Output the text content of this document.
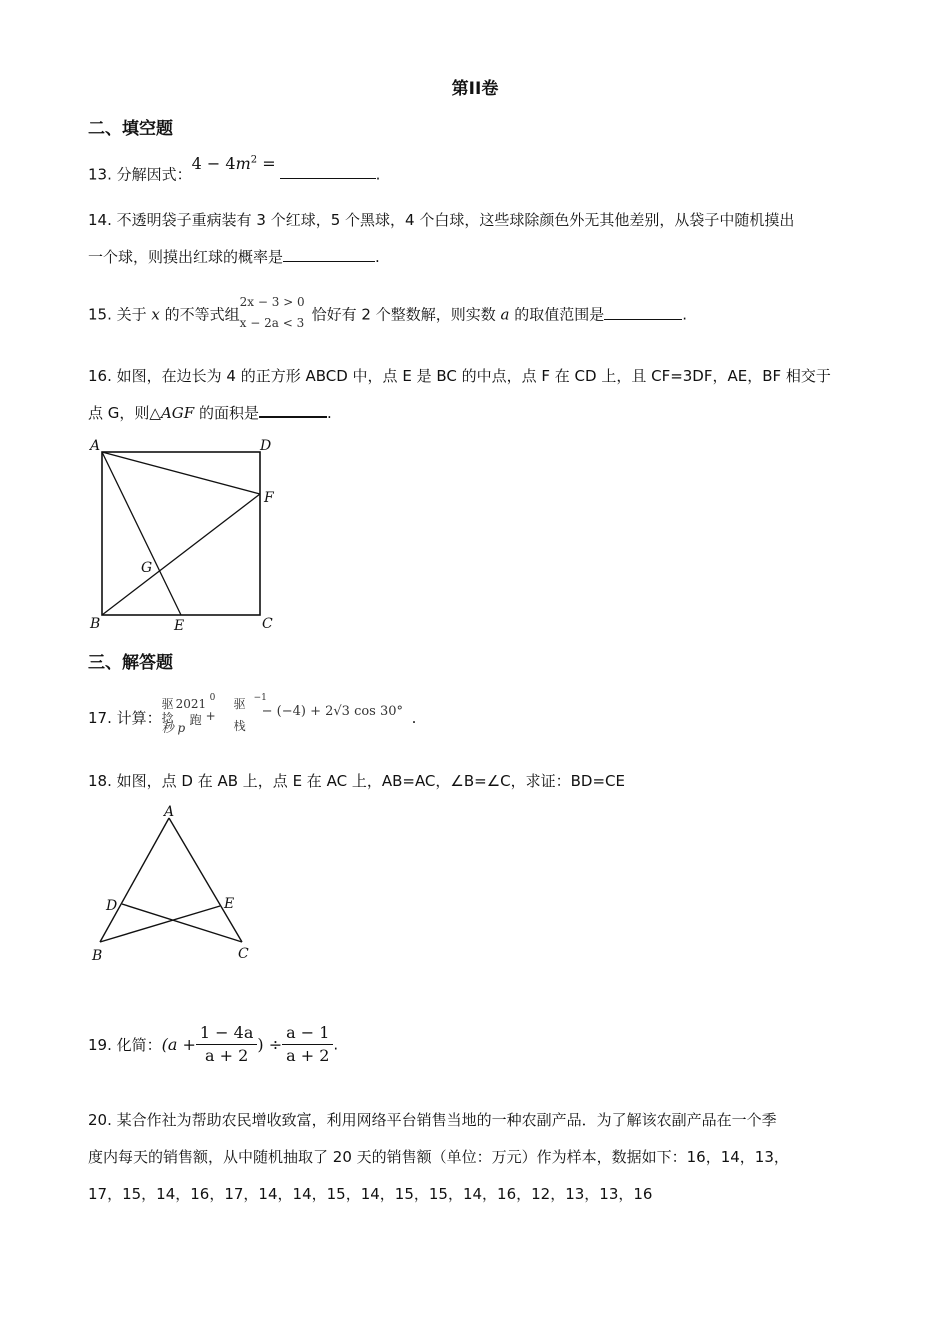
第II卷
二、填空题
13. 分解因式：$4 - 4m^2$ =.
14. 不透明袋子重病装有 3 个红球，5 个黑球，4 个白球，这些球除颜色外无其他差别，从袋子中随机摸出
一个球，则摸出红球的概率是	.
15. 关于 x 的不等式组
2x − 3 > 0
x − 2a < 3 恰好有 2 个整数解，则实数 a 的取值范围是	.
16. 如图，在边长为 4 的正方形 ABCD 中，点 E 是 BC 的中点，点 F 在 CD 上，且 CF=3DF，AE，BF 相交于
点 G，则△AGF 的面积是	.
A	D
F
G
B	E	C
三、解答题
17. 计算：
驱 2021 0
捻 跑 +
秒 p
驱 −1
栈
− (−4) + 2√3 cos 30° .
18. 如图，点 D 在 AB 上，点 E 在 AC 上，AB=AC，∠B=∠C，求证：BD=CE
A
D	E
B	C
19. 化简：($a + \frac{1 - 4a}{a + 2}$ ) ÷ $\frac{a - 1}{a + 2}$ .
20. 某合作社为帮助农民增收致富，利用网络平台销售当地的一种农副产品．为了解该农副产品在一个季
度内每天的销售额，从中随机抽取了 20 天的销售额（单位：万元）作为样本，数据如下：16，14，13，
17，15，14，16，17，14，14，15，14，15，15，14，16，12，13，13，16
